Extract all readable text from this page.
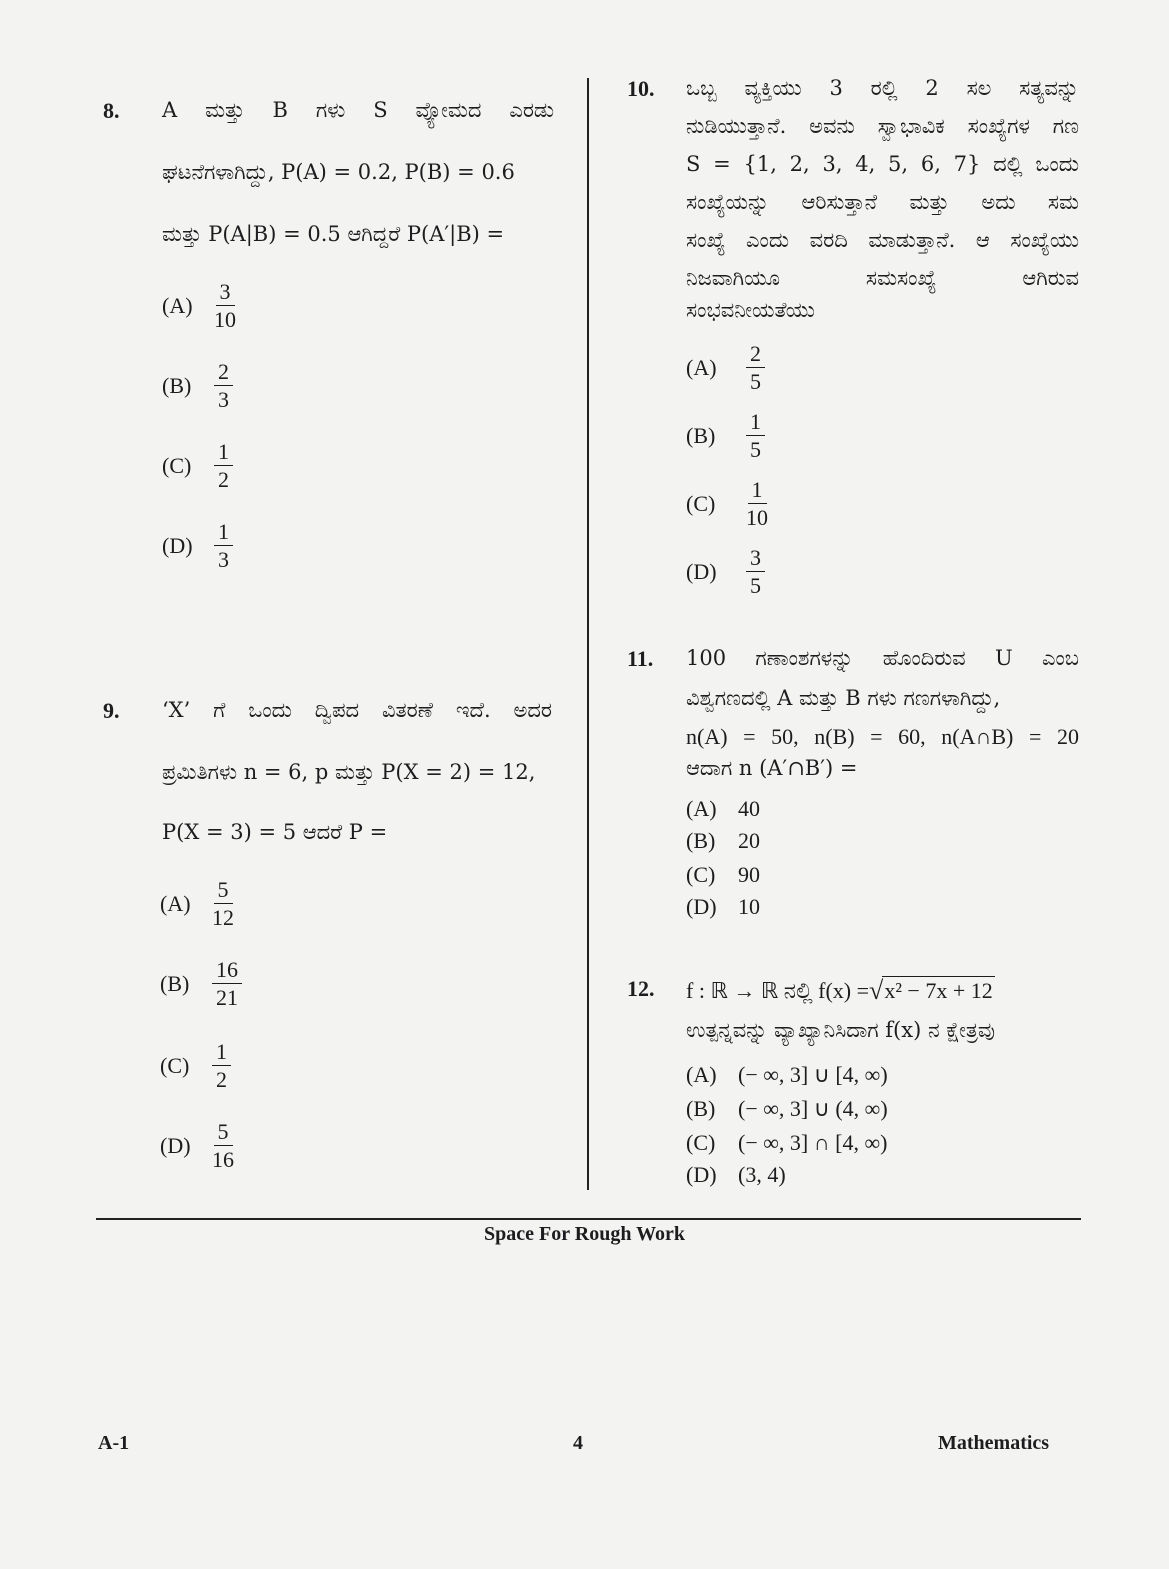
8. A ಮತ್ತು B ಗಳು S ವ್ಯೋಮದ ಎರಡು
ಘಟನೆಗಳಾಗಿದ್ದು, P(A) = 0.2, P(B) = 0.6
ಮತ್ತು P(A|B) = 0.5 ಆಗಿದ್ದರೆ P(A′|B) =
$(A) \frac{3}{10}$
(B)	$\frac{2}{3}$
(C)	$\frac{1}{2}$
$(D) \frac{1}{3}$
9. ‘X’ ಗೆ ಒಂದು ದ್ವಿಪದ ವಿತರಣೆ ಇದೆ. ಅದರ
ಪ್ರಮಿತಿಗಳು n = 6, p ಮತ್ತು P(X = 2) = 12,
P(X = 3) = 5 ಆದರೆ P =
$(A) \frac{5}{12}$
(B)	$\frac{16}{21}$
(C)	$\frac{1}{2}$
$(D) \frac{5}{16}$
10. ಒಬ್ಬ ವ್ಯಕ್ತಿಯು 3 ರಲ್ಲಿ 2 ಸಲ ಸತ್ಯವನ್ನು
ನುಡಿಯುತ್ತಾನೆ. ಅವನು ಸ್ವಾಭಾವಿಕ ಸಂಖ್ಯೆಗಳ ಗಣ
S = {1, 2, 3, 4, 5, 6, 7} ದಲ್ಲಿ ಒಂದು
ಸಂಖ್ಯೆಯನ್ನು ಆರಿಸುತ್ತಾನೆ ಮತ್ತು ಅದು ಸಮ
ಸಂಖ್ಯೆ ಎಂದು ವರದಿ ಮಾಡುತ್ತಾನೆ. ಆ ಸಂಖ್ಯೆಯು
ನಿಜವಾಗಿಯೂ ಸಮಸಂಖ್ಯೆ ಆಗಿರುವ
ಸಂಭವನೀಯತೆಯು
(A)	$\frac{2}{5}$
(B)	$\frac{1}{5}$
(C)	$\frac{1}{10}$
(D)	$\frac{3}{5}$
11. 100 ಗಣಾಂಶಗಳನ್ನು ಹೊಂದಿರುವ U ಎಂಬ
ವಿಶ್ವಗಣದಲ್ಲಿ A ಮತ್ತು B ಗಳು ಗಣಗಳಾಗಿದ್ದು,
n(A) = 50, n(B) = 60, n(A∩B) = 20
ಆದಾಗ n (A′∩B′) =
(A) 40
(B)	20
(C)	90
(D) 10
12. f : ℝ → ℝ ನಲ್ಲಿ f(x) = √ x² − 7x + 12
ಉತ್ಪನ್ನವನ್ನು ವ್ಯಾಖ್ಯಾನಿಸಿದಾಗ f(x) ನ ಕ್ಷೇತ್ರವು
(A) (− ∞, 3] ∪ [4, ∞)
(B)	(− ∞, 3] ∪ (4, ∞)
(C)	(− ∞, 3] ∩ [4, ∞)
(D) (3, 4)
Space For Rough Work
A-1	4	Mathematics
